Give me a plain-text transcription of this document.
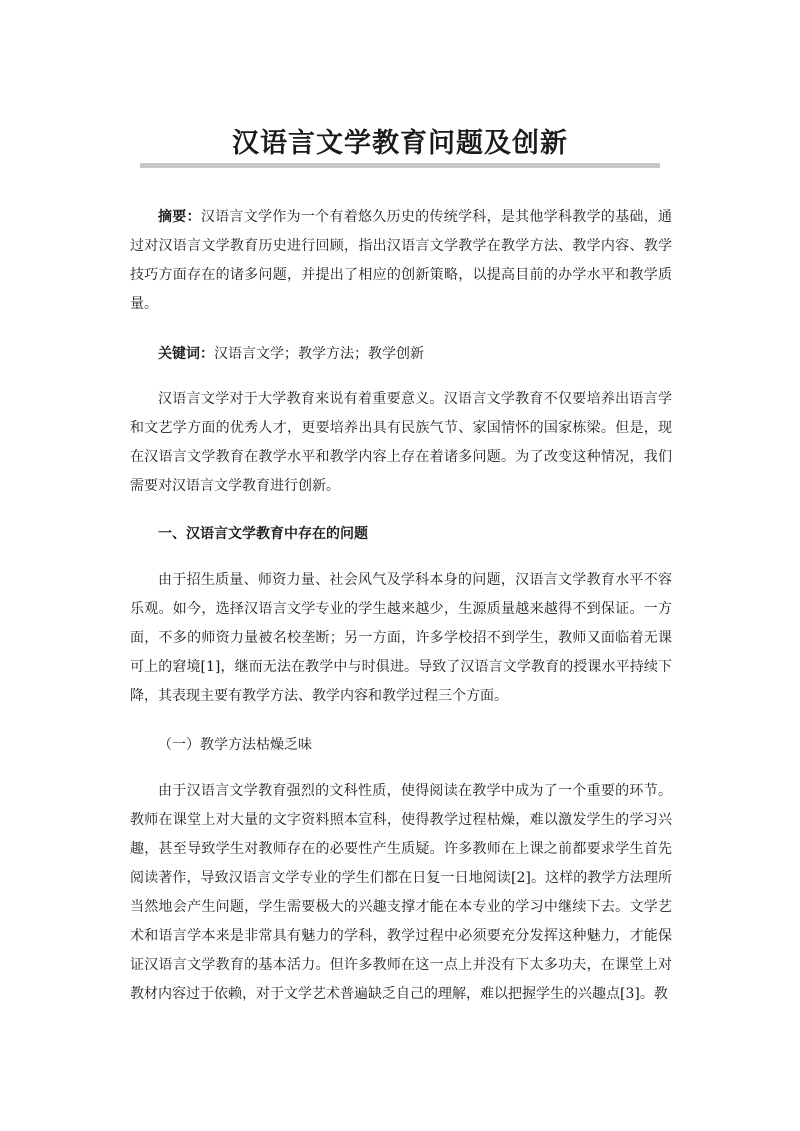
汉语言文学教育问题及创新

摘要：汉语言文学作为一个有着悠久历史的传统学科，是其他学科教学的基础，通过对汉语言文学教育历史进行回顾，指出汉语言文学教学在教学方法、教学内容、教学技巧方面存在的诸多问题，并提出了相应的创新策略，以提高目前的办学水平和教学质量。

关键词：汉语言文学；教学方法；教学创新

汉语言文学对于大学教育来说有着重要意义。汉语言文学教育不仅要培养出语言学和文艺学方面的优秀人才，更要培养出具有民族气节、家国情怀的国家栋梁。但是，现在汉语言文学教育在教学水平和教学内容上存在着诸多问题。为了改变这种情况，我们需要对汉语言文学教育进行创新。

一、汉语言文学教育中存在的问题

由于招生质量、师资力量、社会风气及学科本身的问题，汉语言文学教育水平不容乐观。如今，选择汉语言文学专业的学生越来越少，生源质量越来越得不到保证。一方面，不多的师资力量被名校垄断；另一方面，许多学校招不到学生，教师又面临着无课可上的窘境[1]，继而无法在教学中与时俱进。导致了汉语言文学教育的授课水平持续下降，其表现主要有教学方法、教学内容和教学过程三个方面。

（一）教学方法枯燥乏味

由于汉语言文学教育强烈的文科性质，使得阅读在教学中成为了一个重要的环节。教师在课堂上对大量的文字资料照本宣科，使得教学过程枯燥，难以激发学生的学习兴趣，甚至导致学生对教师存在的必要性产生质疑。许多教师在上课之前都要求学生首先阅读著作，导致汉语言文学专业的学生们都在日复一日地阅读[2]。这样的教学方法理所当然地会产生问题，学生需要极大的兴趣支撑才能在本专业的学习中继续下去。文学艺术和语言学本来是非常具有魅力的学科，教学过程中必须要充分发挥这种魅力，才能保证汉语言文学教育的基本活力。但许多教师在这一点上并没有下太多功夫，在课堂上对教材内容过于依赖，对于文学艺术普遍缺乏自己的理解，难以把握学生的兴趣点[3]。教
